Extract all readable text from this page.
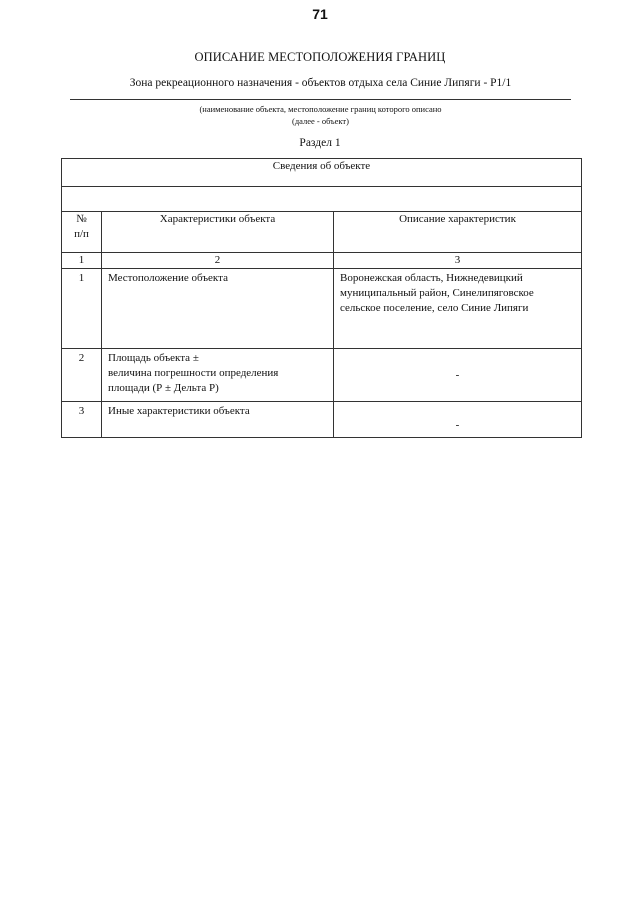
71
ОПИСАНИЕ МЕСТОПОЛОЖЕНИЯ ГРАНИЦ
Зона рекреационного назначения - объектов отдыха села Синие Липяги - Р1/1
(наименование объекта, местоположение границ которого описано
(далее - объект)
Раздел 1
Сведения об объекте		

№
п/п	Характеристики объекта	Описание характеристик
1	2	3
1	Местоположение объекта	Воронежская область, Нижнедевицкий
муниципальный район, Синелипяговское
сельское поселение, село Синие Липяги

2	Площадь объекта ±
величина погрешности определения
площади (Р ± Дельта Р)	-
3	Иные характеристики объекта	-
